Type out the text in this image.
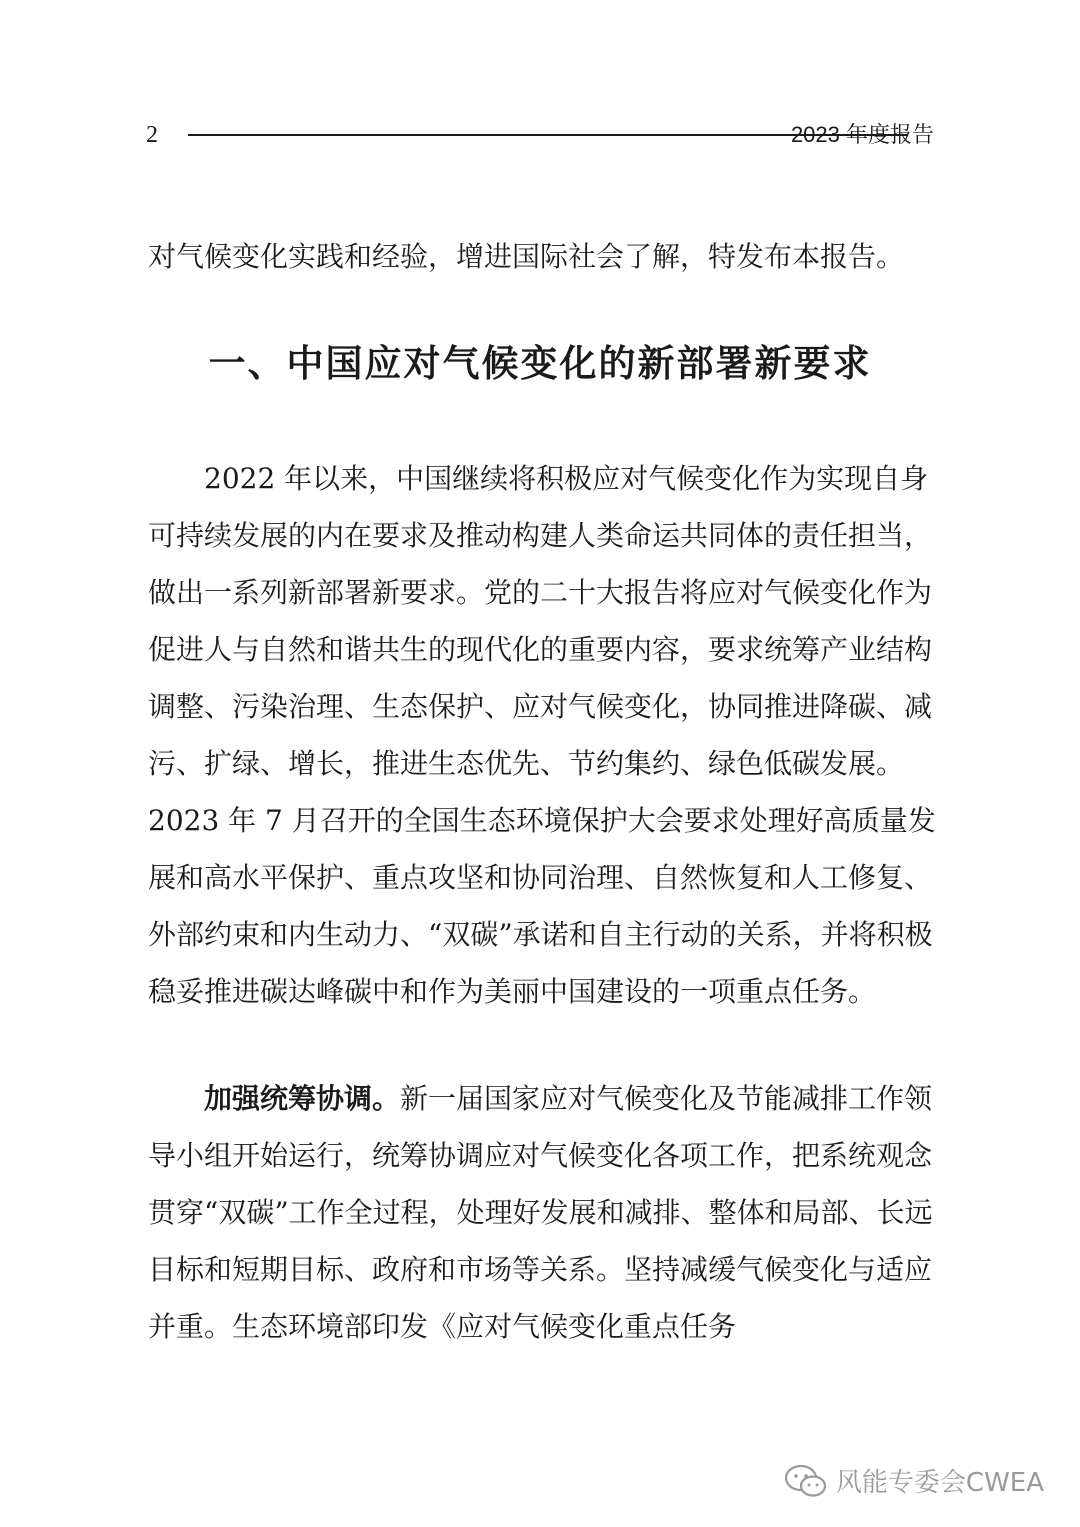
2	2023 年度报告

对气候变化实践和经验，增进国际社会了解，特发布本报告。

一、中国应对气候变化的新部署新要求

2022 年以来，中国继续将积极应对气候变化作为实现自身可持续发展的内在要求及推动构建人类命运共同体的责任担当，做出一系列新部署新要求。党的二十大报告将应对气候变化作为促进人与自然和谐共生的现代化的重要内容，要求统筹产业结构调整、污染治理、生态保护、应对气候变化，协同推进降碳、减污、扩绿、增长，推进生态优先、节约集约、绿色低碳发展。2023 年 7 月召开的全国生态环境保护大会要求处理好高质量发展和高水平保护、重点攻坚和协同治理、自然恢复和人工修复、外部约束和内生动力、“双碳”承诺和自主行动的关系，并将积极稳妥推进碳达峰碳中和作为美丽中国建设的一项重点任务。

加强统筹协调。新一届国家应对气候变化及节能减排工作领导小组开始运行，统筹协调应对气候变化各项工作，把系统观念贯穿“双碳”工作全过程，处理好发展和减排、整体和局部、长远目标和短期目标、政府和市场等关系。坚持减缓气候变化与适应并重。生态环境部印发《应对气候变化重点任务

风能专委会CWEA
